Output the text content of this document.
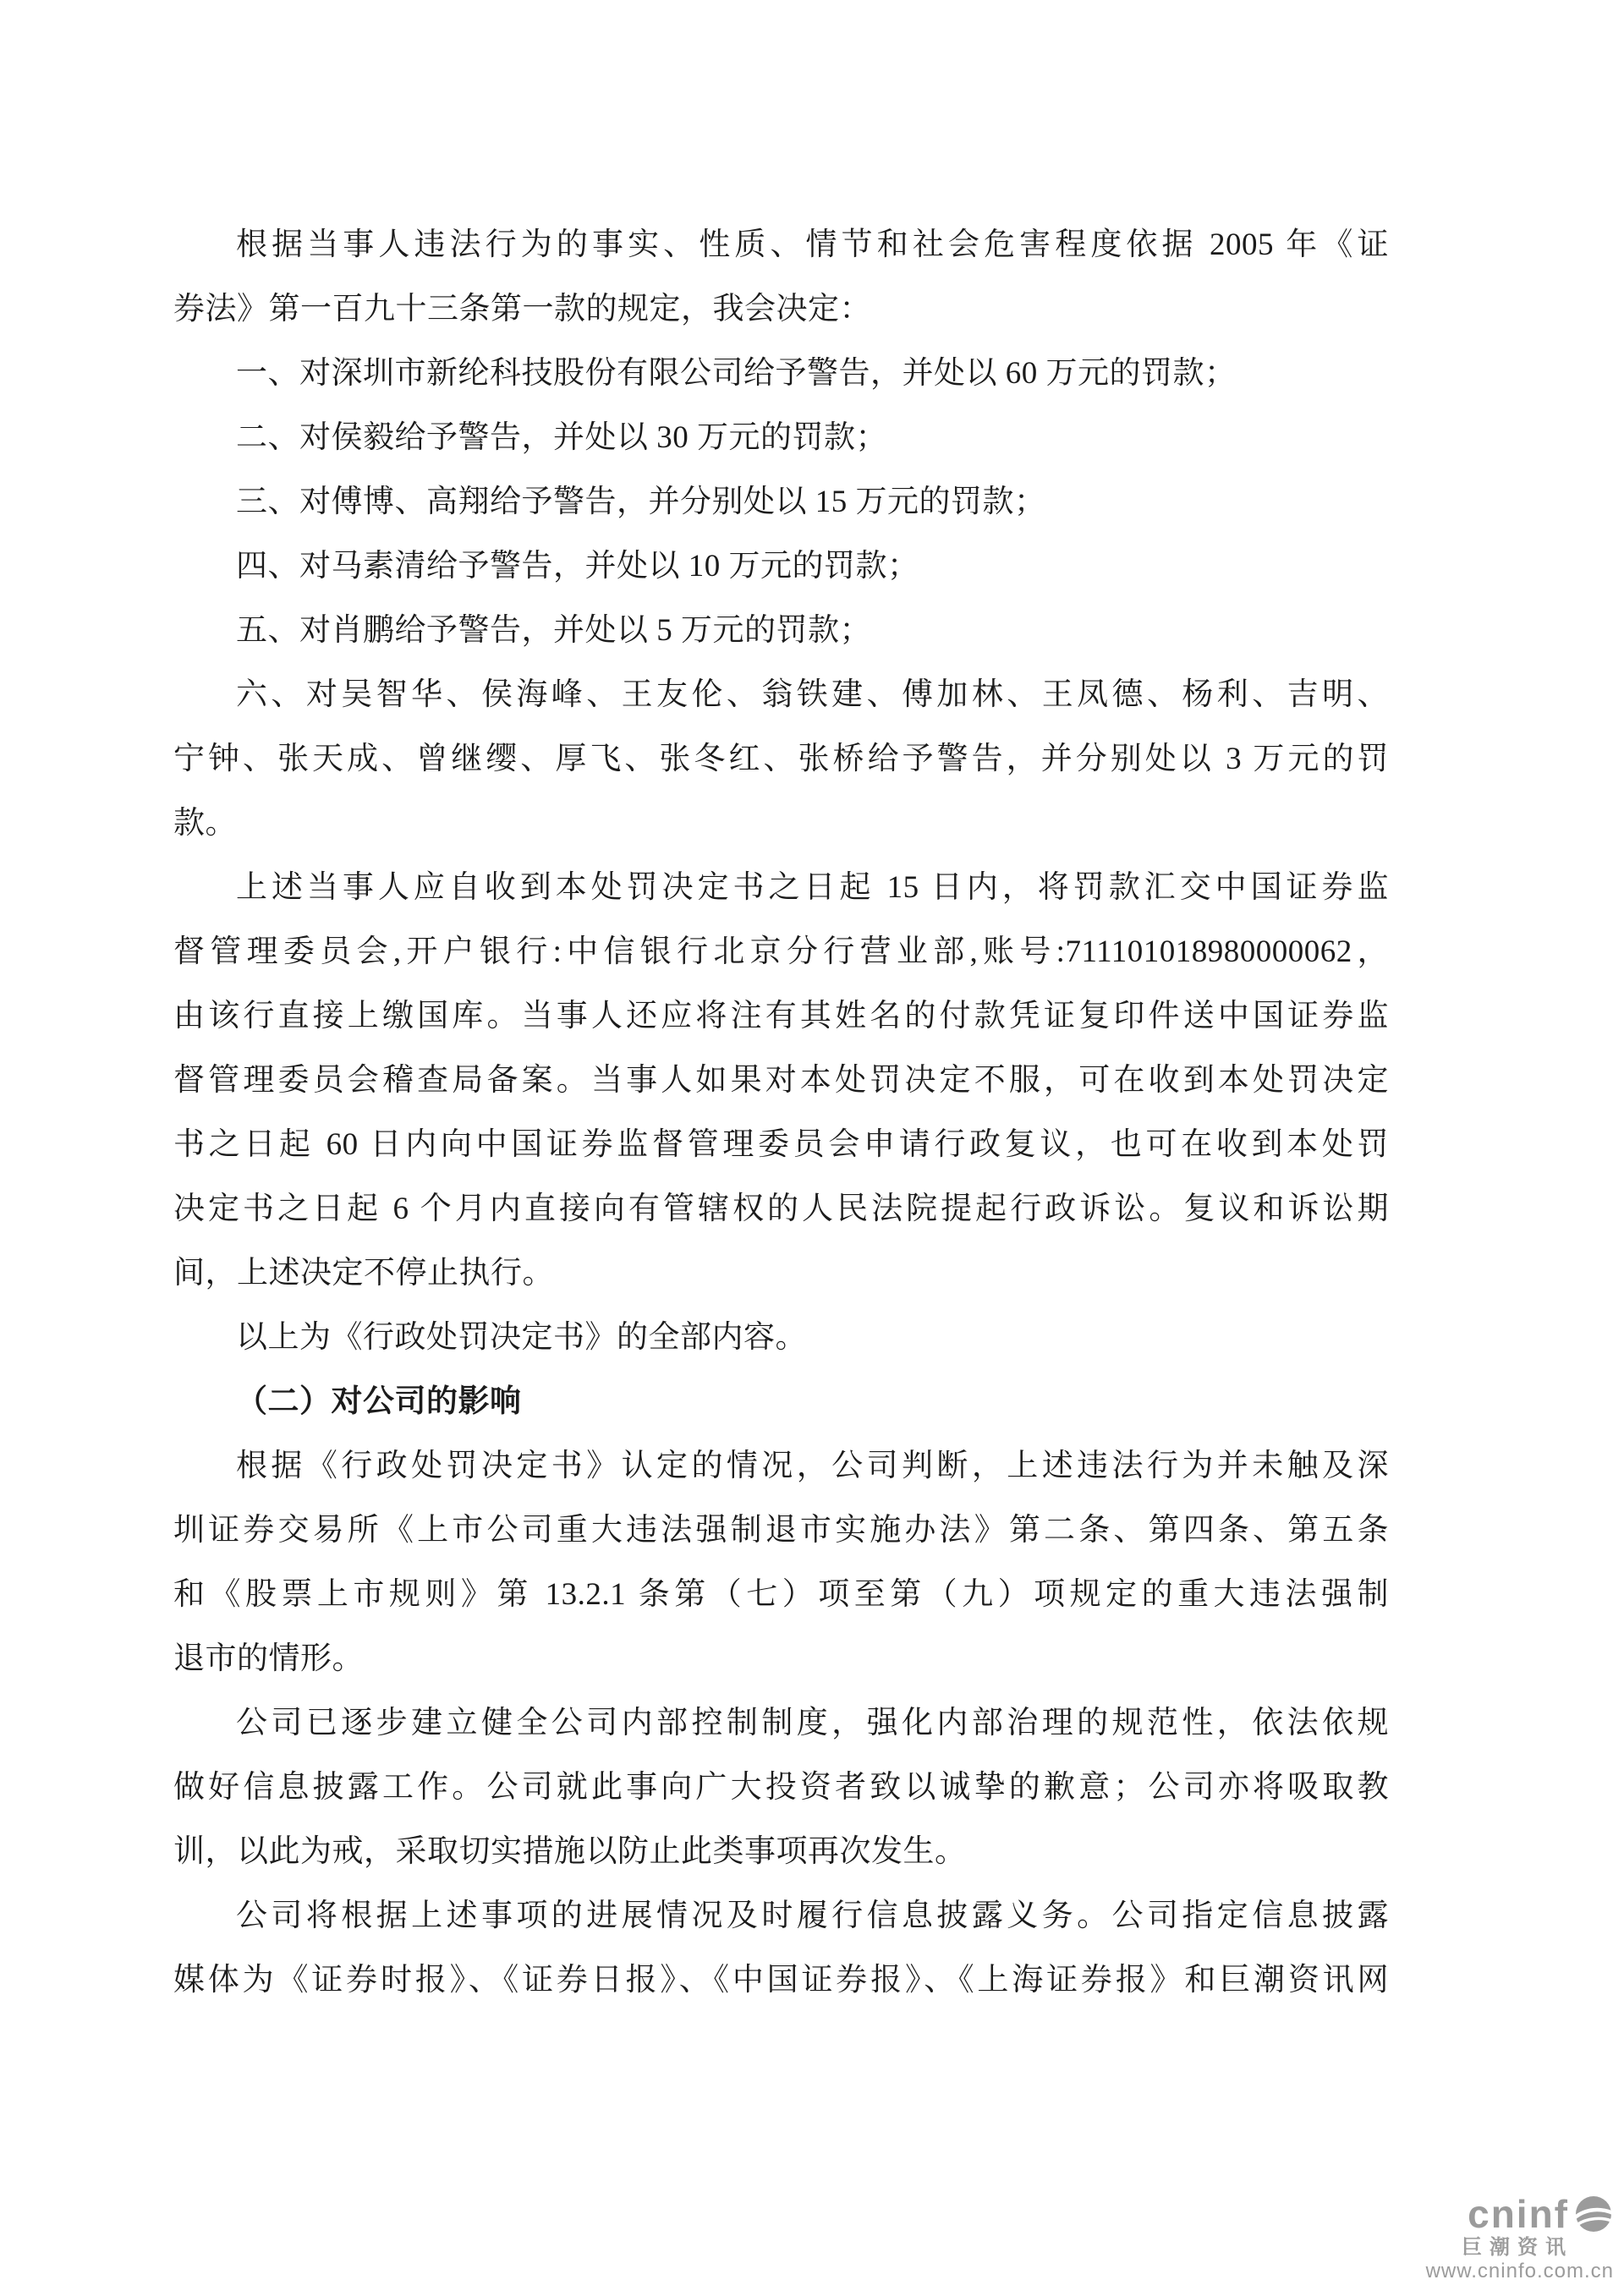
根据当事人违法行为的事实、性质、情节和社会危害程度依据 2005 年《证
券法》第一百九十三条第一款的规定，我会决定：
一、对深圳市新纶科技股份有限公司给予警告，并处以 60 万元的罚款；
二、对侯毅给予警告，并处以 30 万元的罚款；
三、对傅博、高翔给予警告，并分别处以 15 万元的罚款；
四、对马素清给予警告，并处以 10 万元的罚款；
五、对肖鹏给予警告，并处以 5 万元的罚款；
六、对吴智华、侯海峰、王友伦、翁铁建、傅加林、王凤德、杨利、吉明、
宁钟、张天成、曾继缨、厚飞、张冬红、张桥给予警告，并分别处以 3 万元的罚
款。
上述当事人应自收到本处罚决定书之日起 15 日内，将罚款汇交中国证券监
督管理委员会,开户银行:中信银行北京分行营业部,账号:711101018980000062，
由该行直接上缴国库。当事人还应将注有其姓名的付款凭证复印件送中国证券监
督管理委员会稽查局备案。当事人如果对本处罚决定不服，可在收到本处罚决定
书之日起 60 日内向中国证券监督管理委员会申请行政复议，也可在收到本处罚
决定书之日起 6 个月内直接向有管辖权的人民法院提起行政诉讼。复议和诉讼期
间，上述决定不停止执行。
以上为《行政处罚决定书》的全部内容。
（二）对公司的影响
根据《行政处罚决定书》认定的情况，公司判断，上述违法行为并未触及深
圳证券交易所《上市公司重大违法强制退市实施办法》第二条、第四条、第五条
和《股票上市规则》第 13.2.1 条第（七）项至第（九）项规定的重大违法强制
退市的情形。
公司已逐步建立健全公司内部控制制度，强化内部治理的规范性，依法依规
做好信息披露工作。公司就此事向广大投资者致以诚挚的歉意；公司亦将吸取教
训，以此为戒，采取切实措施以防止此类事项再次发生。
公司将根据上述事项的进展情况及时履行信息披露义务。公司指定信息披露
媒体为《证券时报》、《证券日报》、《中国证券报》、《上海证券报》和巨潮资讯网
cninf
巨潮资讯
www.cninfo.com.cn
